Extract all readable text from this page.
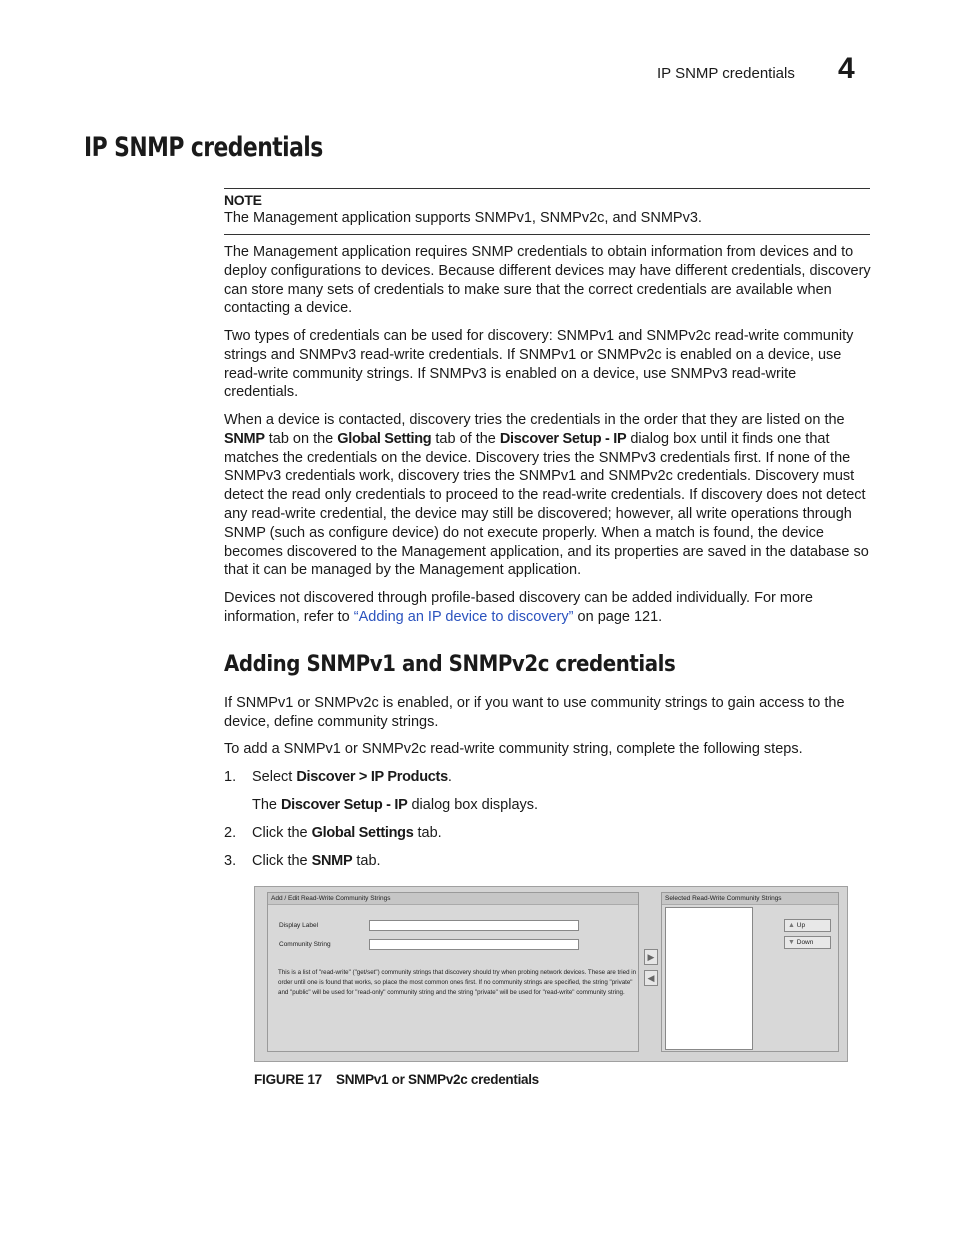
IP SNMP credentials 4
IP SNMP credentials
NOTE
The Management application supports SNMPv1, SNMPv2c, and SNMPv3.

The Management application requires SNMP credentials to obtain information from devices and to deploy configurations to devices. Because different devices may have different credentials, discovery can store many sets of credentials to make sure that the correct credentials are available when contacting a device.

Two types of credentials can be used for discovery: SNMPv1 and SNMPv2c read-write community strings and SNMPv3 read-write credentials. If SNMPv1 or SNMPv2c is enabled on a device, use read-write community strings. If SNMPv3 is enabled on a device, use SNMPv3 read-write credentials.

When a device is contacted, discovery tries the credentials in the order that they are listed on the SNMP tab on the Global Setting tab of the Discover Setup - IP dialog box until it finds one that matches the credentials on the device. Discovery tries the SNMPv3 credentials first. If none of the SNMPv3 credentials work, discovery tries the SNMPv1 and SNMPv2c credentials. Discovery must detect the read only credentials to proceed to the read-write credentials. If discovery does not detect any read-write credential, the device may still be discovered; however, all write operations through SNMP (such as configure device) do not execute properly. When a match is found, the device becomes discovered to the Management application, and its properties are saved in the database so that it can be managed by the Management application.

Devices not discovered through profile-based discovery can be added individually. For more information, refer to “Adding an IP device to discovery” on page 121.

Adding SNMPv1 and SNMPv2c credentials

If SNMPv1 or SNMPv2c is enabled, or if you want to use community strings to gain access to the device, define community strings.

To add a SNMPv1 or SNMPv2c read-write community string, complete the following steps.

1. Select Discover > IP Products.
The Discover Setup - IP dialog box displays.
2. Click the Global Settings tab.
3. Click the SNMP tab.
Add / Edit Read-Write Community Strings
Display Label
Community String
This is a list of "read-write" ("get/set") community strings that discovery should try when probing network devices. These are tried in order until one is found that works, so place the most common ones first. If no community strings are specified, the string "private" and "public" will be used for "read-only" community string and the string "private" will be used for "read-write" community string.
▶
◀
Selected Read-Write Community Strings
▲ Up
▼ Down
FIGURE 17 SNMPv1 or SNMPv2c credentials
